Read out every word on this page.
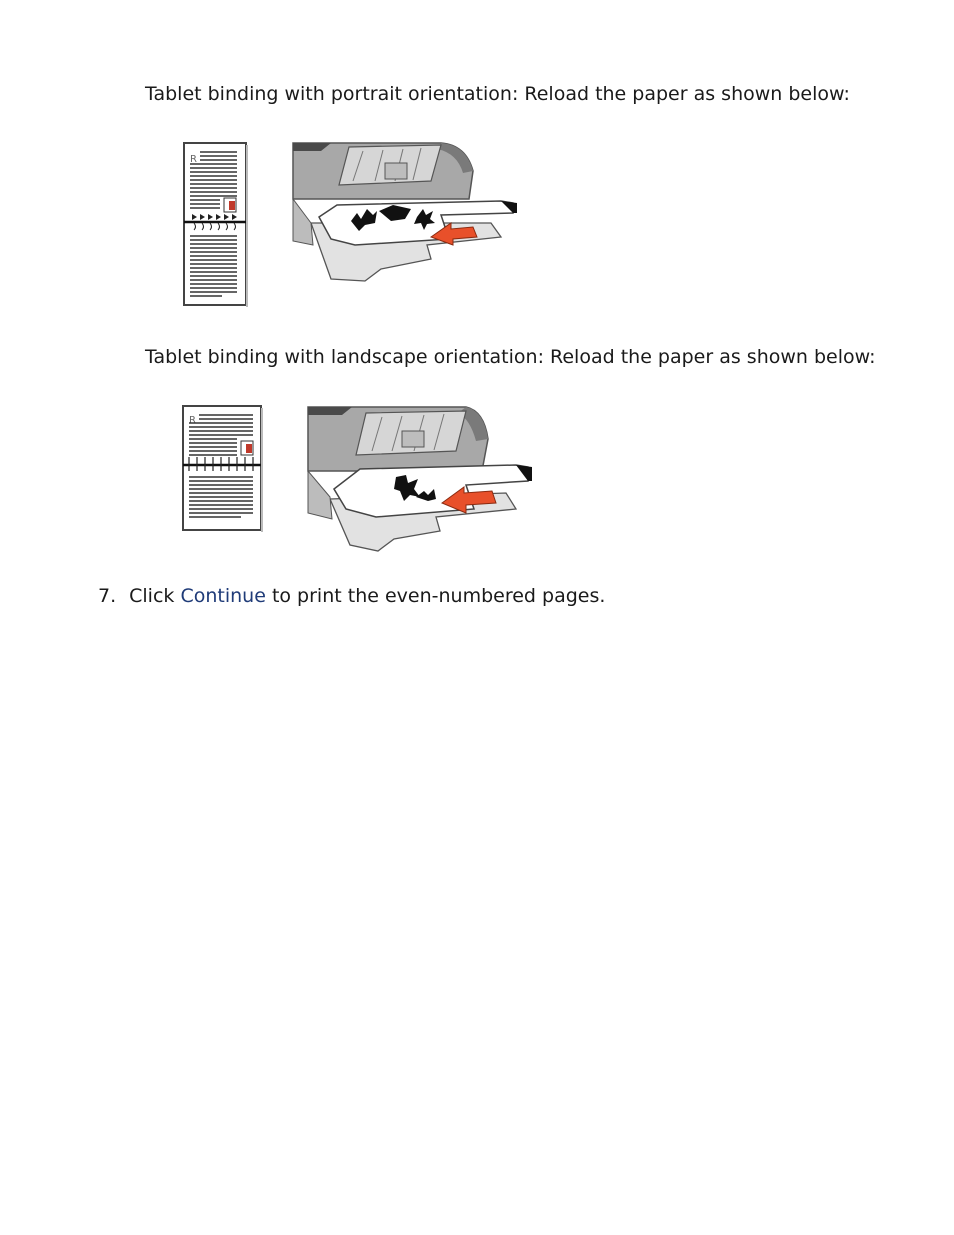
Tablet binding with portrait orientation: Reload the paper as shown below:

R

Tablet binding with landscape orientation: Reload the paper as shown below:

R

7. Click Continue to print the even-numbered pages.
